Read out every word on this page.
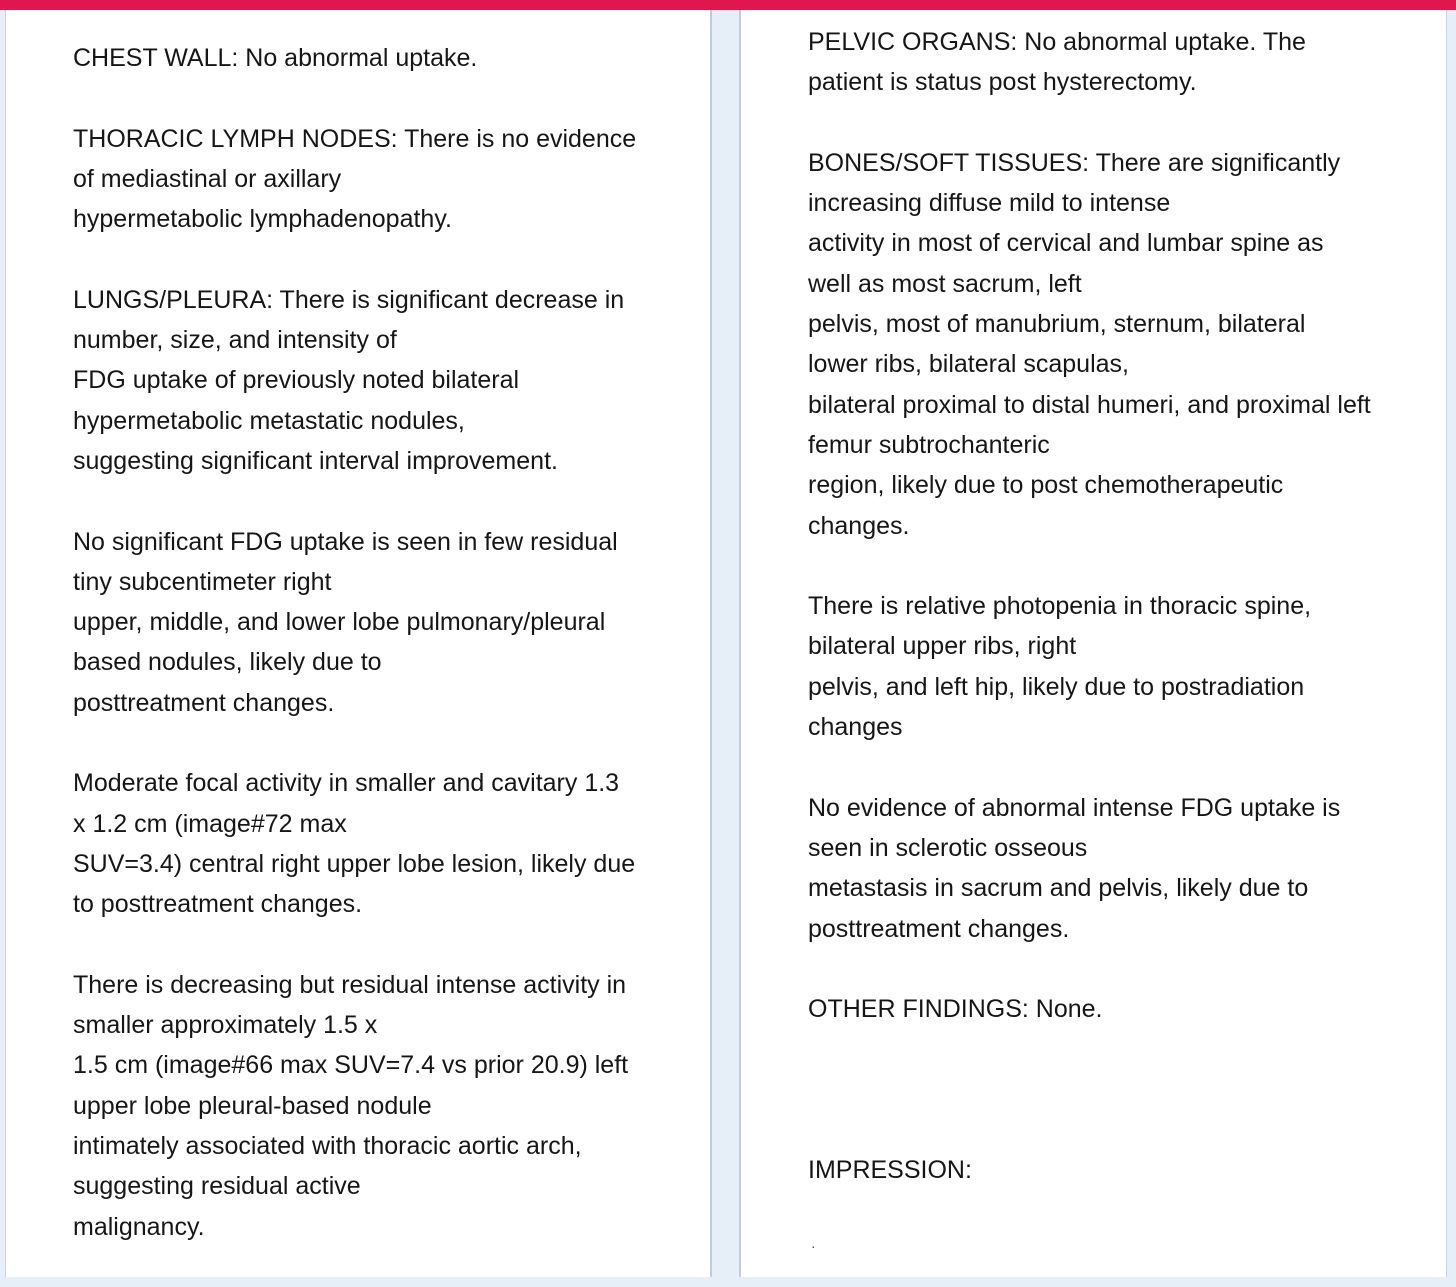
CHEST WALL: No abnormal uptake.
THORACIC LYMPH NODES: There is no evidence
of mediastinal or axillary
hypermetabolic lymphadenopathy.
LUNGS/PLEURA: There is significant decrease in
number, size, and intensity of
FDG uptake of previously noted bilateral
hypermetabolic metastatic nodules,
suggesting significant interval improvement.
No significant FDG uptake is seen in few residual
tiny subcentimeter right
upper, middle, and lower lobe pulmonary/pleural
based nodules, likely due to
posttreatment changes.
Moderate focal activity in smaller and cavitary 1.3
x 1.2 cm (image#72 max
SUV=3.4) central right upper lobe lesion, likely due
to posttreatment changes.
There is decreasing but residual intense activity in
smaller approximately 1.5 x
1.5 cm (image#66 max SUV=7.4 vs prior 20.9) left
upper lobe pleural-based nodule
intimately associated with thoracic aortic arch,
suggesting residual active
malignancy.
PELVIC ORGANS: No abnormal uptake. The
patient is status post hysterectomy.
BONES/SOFT TISSUES: There are significantly
increasing diffuse mild to intense
activity in most of cervical and lumbar spine as
well as most sacrum, left
pelvis, most of manubrium, sternum, bilateral
lower ribs, bilateral scapulas,
bilateral proximal to distal humeri, and proximal left
femur subtrochanteric
region, likely due to post chemotherapeutic
changes.
There is relative photopenia in thoracic spine,
bilateral upper ribs, right
pelvis, and left hip, likely due to postradiation
changes
No evidence of abnormal intense FDG uptake is
seen in sclerotic osseous
metastasis in sacrum and pelvis, likely due to
posttreatment changes.
OTHER FINDINGS: None.

IMPRESSION:
·
